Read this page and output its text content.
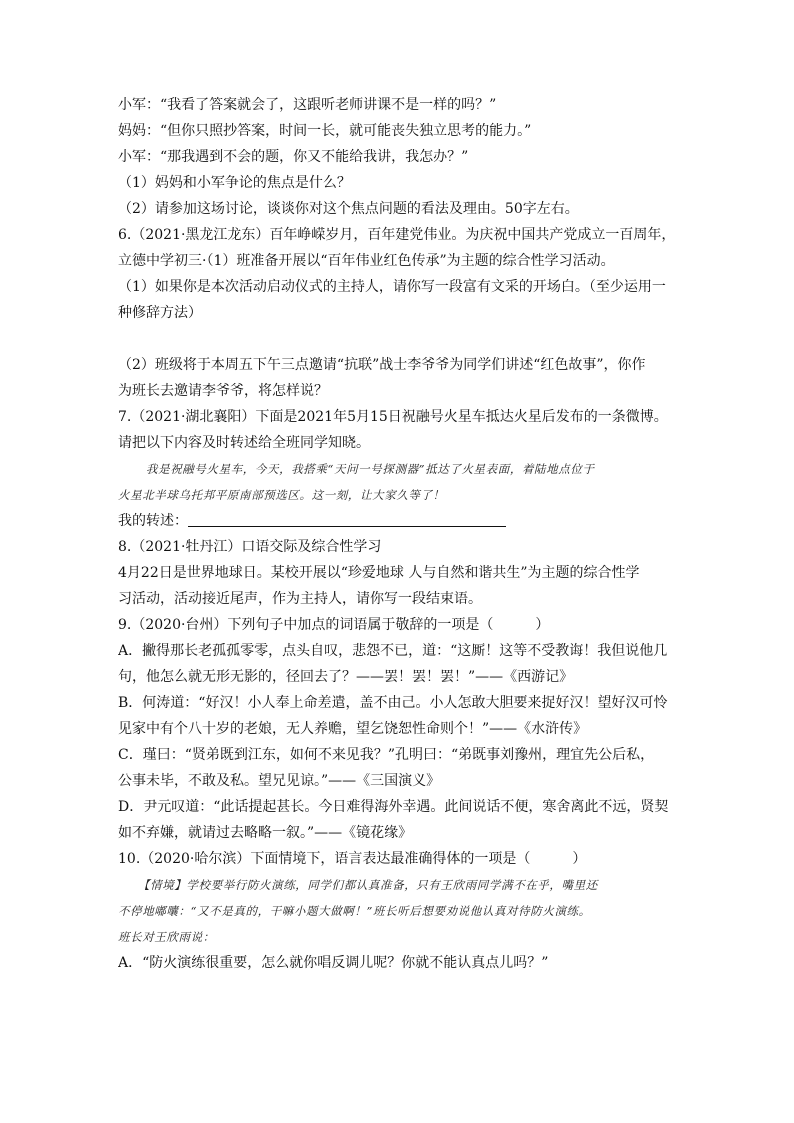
小军：“我看了答案就会了，这跟听老师讲课不是一样的吗？”
妈妈：“但你只照抄答案，时间一长，就可能丧失独立思考的能力。”
小军：“那我遇到不会的题，你又不能给我讲，我怎办？”
（1）妈妈和小军争论的焦点是什么？
（2）请参加这场讨论，谈谈你对这个焦点问题的看法及理由。50字左右。
6.（2021·黑龙江龙东）百年峥嵘岁月，百年建党伟业。为庆祝中国共产党成立一百周年，
立德中学初三·（1）班准备开展以“百年伟业红色传承”为主题的综合性学习活动。
（1）如果你是本次活动启动仪式的主持人，请你写一段富有文采的开场白。（至少运用一
种修辞方法）
（2）班级将于本周五下午三点邀请“抗联”战士李爷爷为同学们讲述“红色故事”，你作
为班长去邀请李爷爷，将怎样说？
7.（2021·湖北襄阳）下面是2021年5月15日祝融号火星车抵达火星后发布的一条微博。
请把以下内容及时转述给全班同学知晓。
我是祝融号火星车，今天，我搭乘“天问一号探测器”抵达了火星表面，着陆地点位于
火星北半球乌托邦平原南部预选区。这一刻，让大家久等了！
我的转述：
8.（2021·牡丹江）口语交际及综合性学习
4月22日是世界地球日。某校开展以“珍爱地球 人与自然和谐共生”为主题的综合性学
习活动，活动接近尾声，作为主持人，请你写一段结束语。
9.（2020·台州）下列句子中加点的词语属于敬辞的一项是（　　　）
A．撇得那长老孤孤零零，点头自叹，悲怨不已，道：“这厮！这等不受教诲！我但说他几
句，他怎么就无形无影的，径回去了？——罢！罢！罢！”——《西游记》
B．何涛道：“好汉！小人奉上命差遣，盖不由己。小人怎敢大胆要来捉好汉！望好汉可怜
见家中有个八十岁的老娘，无人养赡，望乞饶恕性命则个！”——《水浒传》
C．瑾曰：“贤弟既到江东，如何不来见我？”孔明曰：“弟既事刘豫州，理宜先公后私，
公事未毕，不敢及私。望兄见谅。”——《三国演义》
D．尹元叹道：“此话提起甚长。今日难得海外幸遇。此间说话不便，寒舍离此不远，贤契
如不弃嫌，就请过去略略一叙。”——《镜花缘》
10.（2020·哈尔滨）下面情境下，语言表达最准确得体的一项是（　　　）
【情境】学校要举行防火演练，同学们都认真准备，只有王欣雨同学满不在乎，嘴里还
不停地嘟囔：“又不是真的，干嘛小题大做啊！”班长听后想要劝说他认真对待防火演练。
班长对王欣雨说：
A．“防火演练很重要，怎么就你唱反调儿呢？你就不能认真点儿吗？”
